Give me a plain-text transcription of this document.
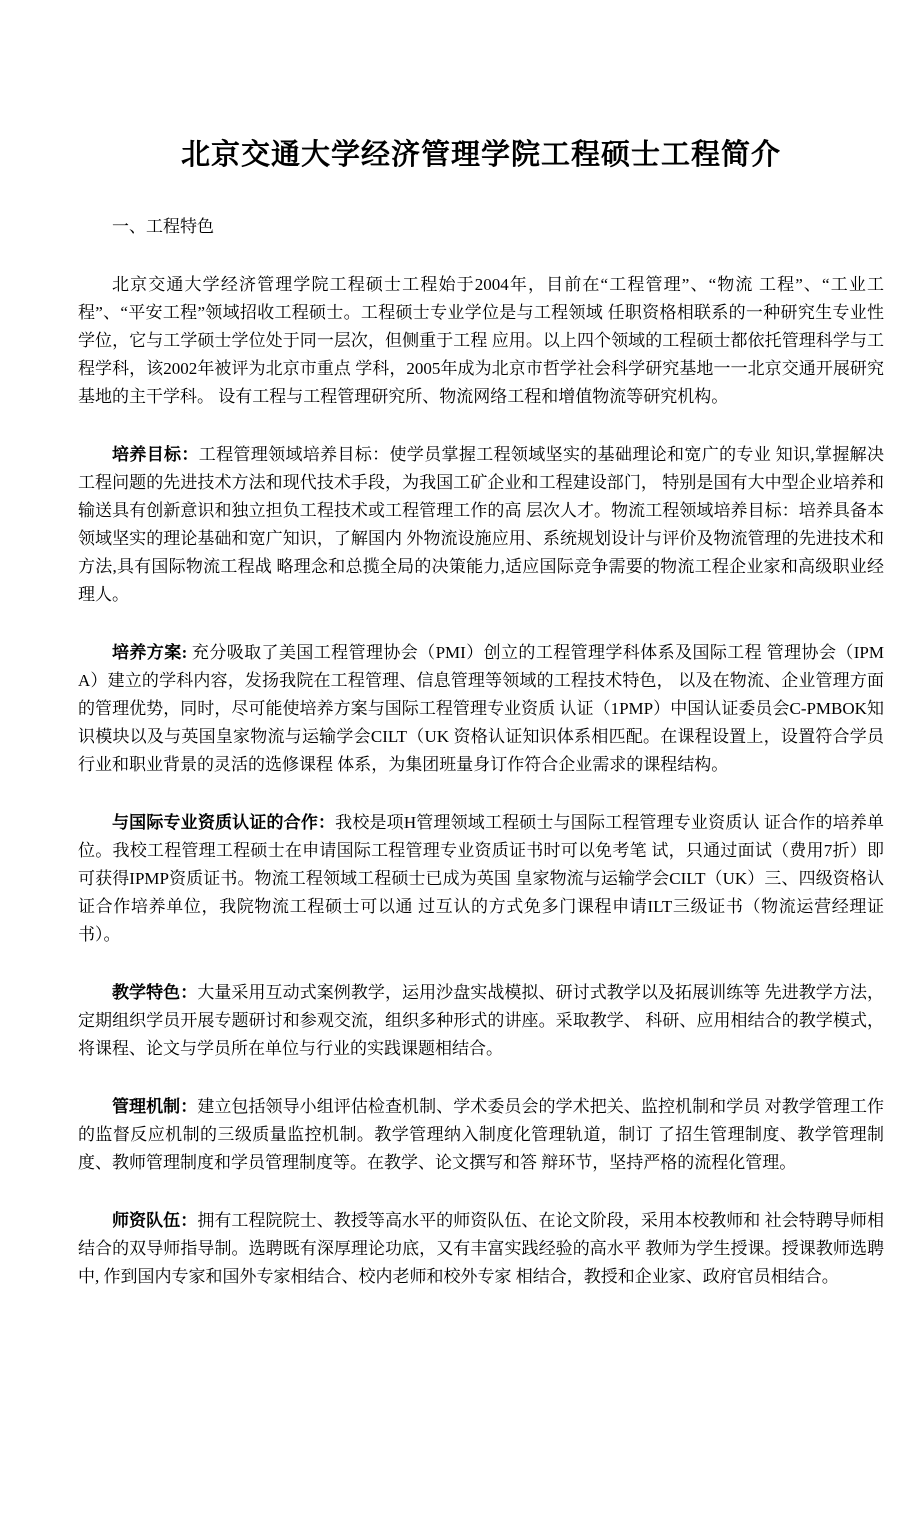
北京交通大学经济管理学院工程硕士工程简介

一、工程特色

北京交通大学经济管理学院工程硕士工程始于2004年，目前在“工程管理”、“物流 工程”、“工业工程”、“平安工程”领域招收工程硕士。工程硕士专业学位是与工程领域 任职资格相联系的一种研究生专业性学位，它与工学硕士学位处于同一层次，但侧重于工程 应用。以上四个领域的工程硕士都依托管理科学与工程学科，该2002年被评为北京市重点 学科，2005年成为北京市哲学社会科学研究基地一一北京交通开展研究基地的主干学科。 设有工程与工程管理研究所、物流网络工程和增值物流等研究机构。

培养目标：工程管理领域培养目标：使学员掌握工程领域坚实的基础理论和宽广的专业 知识,掌握解决工程问题的先进技术方法和现代技术手段，为我国工矿企业和工程建设部门， 特别是国有大中型企业培养和输送具有创新意识和独立担负工程技术或工程管理工作的高 层次人才。物流工程领域培养目标：培养具备本领域坚实的理论基础和宽广知识，了解国内 外物流设施应用、系统规划设计与评价及物流管理的先进技术和方法,具有国际物流工程战 略理念和总揽全局的决策能力,适应国际竞争需要的物流工程企业家和高级职业经理人。

培养方案: 充分吸取了美国工程管理协会（PMI）创立的工程管理学科体系及国际工程 管理协会（IPMA）建立的学科内容，发扬我院在工程管理、信息管理等领域的工程技术特色， 以及在物流、企业管理方面的管理优势，同时，尽可能使培养方案与国际工程管理专业资质 认证（1PMP）中国认证委员会C-PMBOK知识模块以及与英国皇家物流与运输学会CILT（UK 资格认证知识体系相匹配。在课程设置上，设置符合学员行业和职业背景的灵活的选修课程 体系，为集团班量身订作符合企业需求的课程结构。

与国际专业资质认证的合作：我校是项H管理领域工程硕士与国际工程管理专业资质认 证合作的培养单位。我校工程管理工程硕士在申请国际工程管理专业资质证书时可以免考笔 试，只通过面试（费用7折）即可获得IPMP资质证书。物流工程领域工程硕士已成为英国 皇家物流与运输学会CILT（UK）三、四级资格认证合作培养单位，我院物流工程硕士可以通 过互认的方式免多门课程申请ILT三级证书（物流运营经理证书）。

教学特色：大量采用互动式案例教学，运用沙盘实战模拟、研讨式教学以及拓展训练等 先进教学方法，定期组织学员开展专题研讨和参观交流，组织多种形式的讲座。采取教学、 科研、应用相结合的教学模式，将课程、论文与学员所在单位与行业的实践课题相结合。

管理机制：建立包括领导小组评估检查机制、学术委员会的学术把关、监控机制和学员 对教学管理工作的监督反应机制的三级质量监控机制。教学管理纳入制度化管理轨道，制订 了招生管理制度、教学管理制度、教师管理制度和学员管理制度等。在教学、论文撰写和答 辩环节，坚持严格的流程化管理。

师资队伍：拥有工程院院士、教授等高水平的师资队伍、在论文阶段，采用本校教师和 社会特聘导师相结合的双导师指导制。选聘既有深厚理论功底，又有丰富实践经验的高水平 教师为学生授课。授课教师选聘中, 作到国内专家和国外专家相结合、校内老师和校外专家 相结合，教授和企业家、政府官员相结合。
